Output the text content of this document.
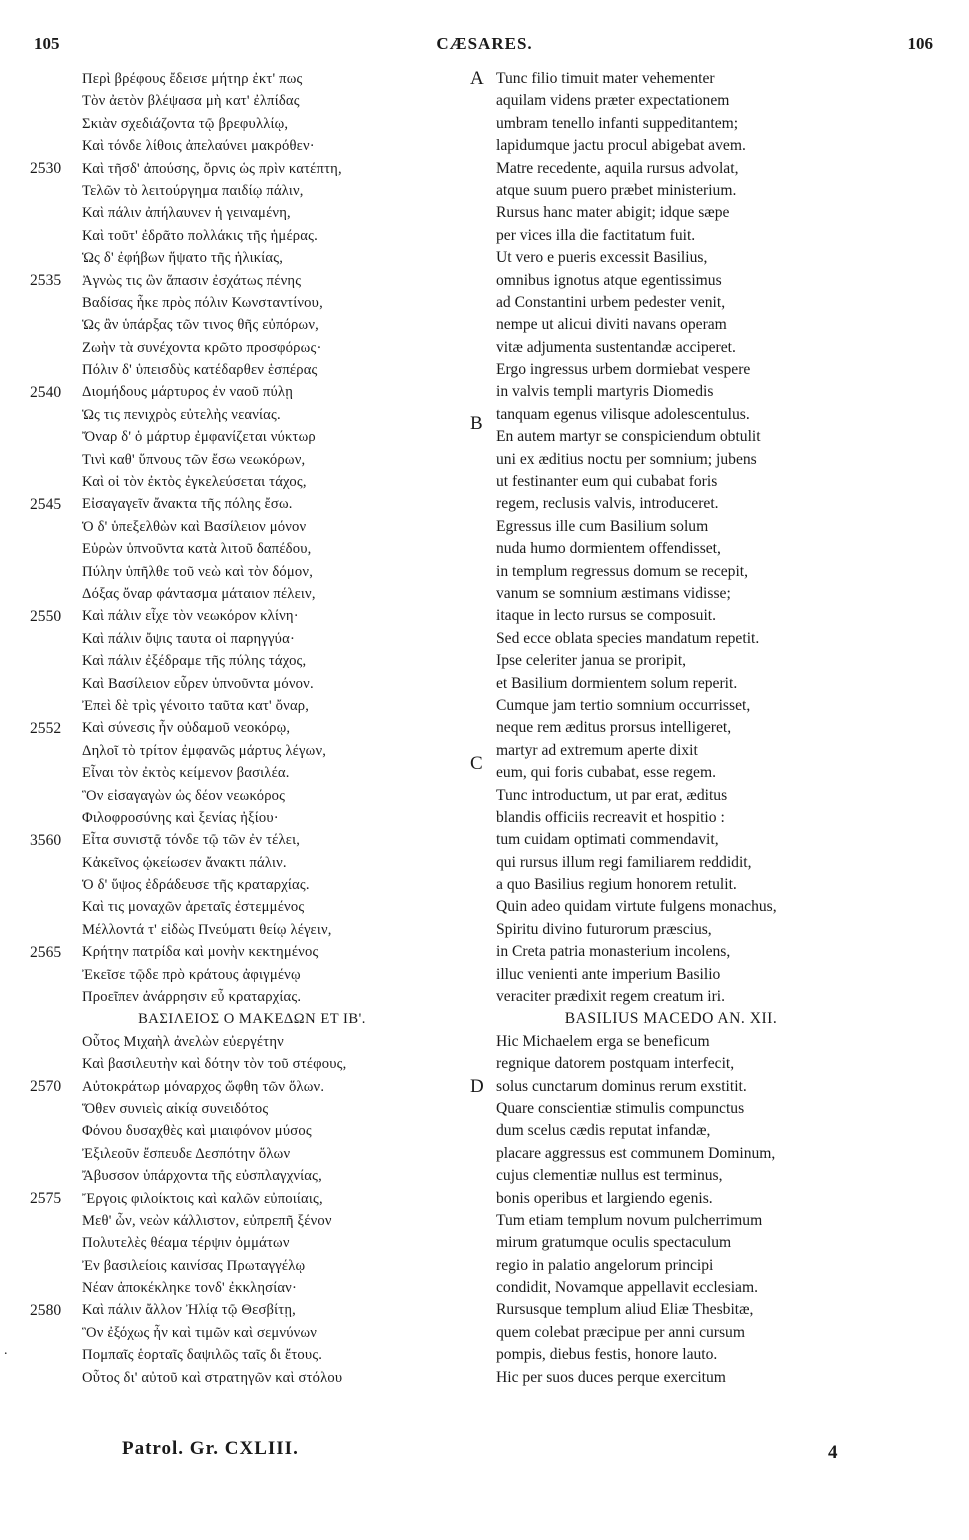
105	CÆSARES.	106
Περὶ βρέφους ἔδεισε μήτηρ ἐκτ' πως
Τὸν ἀετὸν βλέψασα μὴ κατ' ἐλπίδας
Σκιὰν σχεδιάζοντα τῷ βρεφυλλίῳ,
Καὶ τόνδε λίθοις ἀπελαύνει μακρόθεν·
Καὶ τῆσδ' ἀπούσης, ὄρνις ὡς πρὶν κατέπτη,
Τελῶν τὸ λειτούργημα παιδίῳ πάλιν,
Καὶ πάλιν ἀπήλαυνεν ἡ γειναμένη,
Καὶ τοῦτ' ἐδρᾶτο πολλάκις τῆς ἡμέρας.
Ὡς δ' ἐφήβων ἥψατο τῆς ἡλικίας,
Ἀγνὼς τις ὢν ἅπασιν ἐσχάτως πένης
Βαδίσας ἧκε πρὸς πόλιν Κωνσταντίνου,
Ὡς ἂν ὑπάρξας τῶν τινος θῆς εὐπόρων,
Ζωὴν τὰ συνέχοντα κρῶτο προσφόρως·
Πόλιν δ' ὑπεισδὺς κατέδαρθεν ἑσπέρας
Διομήδους μάρτυρος ἐν ναοῦ πύλῃ
Ὡς τις πενιχρὸς εὐτελὴς νεανίας.
Ὄναρ δ' ὁ μάρτυρ ἐμφανίζεται νύκτωρ
Τινὶ καθ' ὕπνους τῶν ἔσω νεωκόρων,
Καὶ οἱ τὸν ἐκτὸς ἐγκελεύσεται τάχος,
Εἰσαγαγεῖν ἄνακτα τῆς πόλης ἔσω.
Ὁ δ' ὑπεξελθὼν καὶ Βασίλειον μόνον
Εὑρὼν ὑπνοῦντα κατὰ λιτοῦ δαπέδου,
Πύλην ὑπῆλθε τοῦ νεὼ καὶ τὸν δόμον,
Δόξας ὄναρ φάντασμα μάταιον πέλειν,
Καὶ πάλιν εἶχε τὸν νεωκόρον κλίνη·
Καὶ πάλιν ὄψις ταυτα οἱ παρηγγύα·
Καὶ πάλιν ἐξέδραμε τῆς πύλης τάχος,
Καὶ Βασίλειον εὗρεν ὑπνοῦντα μόνον.
Ἐπεὶ δὲ τρὶς γένοιτο ταῦτα κατ' ὄναρ,
Καὶ σύνεσις ἦν οὐδαμοῦ νεοκόρῳ,
Δηλοῖ τὸ τρίτον ἐμφανῶς μάρτυς λέγων,
Εἶναι τὸν ἐκτὸς κείμενον βασιλέα.
Ὃν εἰσαγαγὼν ὡς δέον νεωκόρος
Φιλοφροσύνης καὶ ξενίας ἠξίου·
Εἶτα συνιστᾷ τόνδε τῷ τῶν ἐν τέλει,
Κἀκεῖνος ᾠκείωσεν ἄνακτι πάλιν.
Ὁ δ' ὕψος ἐδράδευσε τῆς κραταρχίας.
Καὶ τις μοναχῶν ἀρεταῖς ἐστεμμένος
Μέλλοντά τ' εἰδὼς Πνεύματι θείῳ λέγειν,
Κρήτην πατρίδα καὶ μονὴν κεκτημένος
Ἐκεῖσε τῷδε πρὸ κράτους ἀφιγμένῳ
Προεῖπεν ἀνάρρησιν εὖ κραταρχίας.
ΒΑΣΙΛΕΙΟΣ Ο ΜΑΚΕΔΩΝ ΕΤ ΙΒ'.
Οὗτος Μιχαὴλ ἀνελὼν εὐεργέτην
Καὶ βασιλευτὴν καὶ δότην τὸν τοῦ στέφους,
Αὐτοκράτωρ μόναρχος ὤφθη τῶν ὅλων.
Ὅθεν συνιεὶς αἰκίᾳ συνειδότος
Φόνου δυσαχθὲς καὶ μιαιφόνον μύσος
Ἐξιλεοῦν ἔσπευδε Δεσπότην ὅλων
Ἄβυσσον ὑπάρχοντα τῆς εὐσπλαγχνίας,
Ἔργοις φιλοίκτοις καὶ καλῶν εὐποιίαις,
Μεθ' ὧν, νεὼν κάλλιστον, εὐπρεπῆ ξένον
Πολυτελὲς θέαμα τέρψιν ὀμμάτων
Ἐν βασιλείοις καινίσας Πρωταγγέλῳ
Νέαν ἀποκέκληκε τονδ' ἐκκλησίαν·
Καὶ πάλιν ἄλλον Ἠλίᾳ τῷ Θεσβίτῃ,
Ὃν ἐξόχως ἦν καὶ τιμῶν καὶ σεμνύνων
Πομπαῖς ἑορταῖς δαψιλῶς ταῖς δι ἔτους.
Οὗτος δι' αὐτοῦ καὶ στρατηγῶν καὶ στόλου
Tunc filio timuit mater vehementer
aquilam videns præter expectationem
umbram tenello infanti suppeditantem;
lapidumque jactu procul abigebat avem.
Matre recedente, aquila rursus advolat,
atque suum puero præbet ministerium.
Rursus hanc mater abigit; idque sæpe
per vices illa die factitatum fuit.
Ut vero e pueris excessit Basilius,
omnibus ignotus atque egentissimus
ad Constantini urbem pedester venit,
nempe ut alicui diviti navans operam
vitæ adjumenta sustentandæ acciperet.
Ergo ingressus urbem dormiebat vespere
in valvis templi martyris Diomedis
tanquam egenus vilisque adolescentulus.
En autem martyr se conspiciendum obtulit
uni ex æditius noctu per somnium; jubens
ut festinanter eum qui cubabat foris
regem, reclusis valvis, introduceret.
Egressus ille cum Basilium solum
nuda humo dormientem offendisset,
in templum regressus domum se recepit,
vanum se somnium æstimans vidisse;
itaque in lecto rursus se composuit.
Sed ecce oblata species mandatum repetit.
Ipse celeriter janua se proripit,
et Basilium dormientem solum reperit.
Cumque jam tertio somnium occurrisset,
neque rem æditus prorsus intelligeret,
martyr ad extremum aperte dixit
eum, qui foris cubabat, esse regem.
Tunc introductum, ut par erat, æditus
blandis officiis recreavit et hospitio :
tum cuidam optimati commendavit,
qui rursus illum regi familiarem reddidit,
a quo Basilius regium honorem retulit.
Quin adeo quidam virtute fulgens monachus,
Spiritu divino futurorum præscius,
in Creta patria monasterium incolens,
illuc venienti ante imperium Basilio
veraciter prædixit regem creatum iri.
BASILIUS MACEDO AN. XII.
Hic Michaelem erga se beneficum
regnique datorem postquam interfecit,
solus cunctarum dominus rerum exstitit.
Quare conscientiæ stimulis compunctus
dum scelus cædis reputat infandæ,
placare aggressus est communem Dominum,
cujus clementiæ nullus est terminus,
bonis operibus et largiendo egenis.
Tum etiam templum novum pulcherrimum
mirum gratumque oculis spectaculum
regio in palatio angelorum principi
condidit, Novamque appellavit ecclesiam.
Rursusque templum aliud Eliæ Thesbitæ,
quem colebat præcipue per anni cursum
pompis, diebus festis, honore lauto.
Hic per suos duces perque exercitum
2530
2535
2540
2545
2550
2552
3560
2565
2570
2575
2580
A
B
C
D
.
Patrol. Gr. CXLIII.	4
